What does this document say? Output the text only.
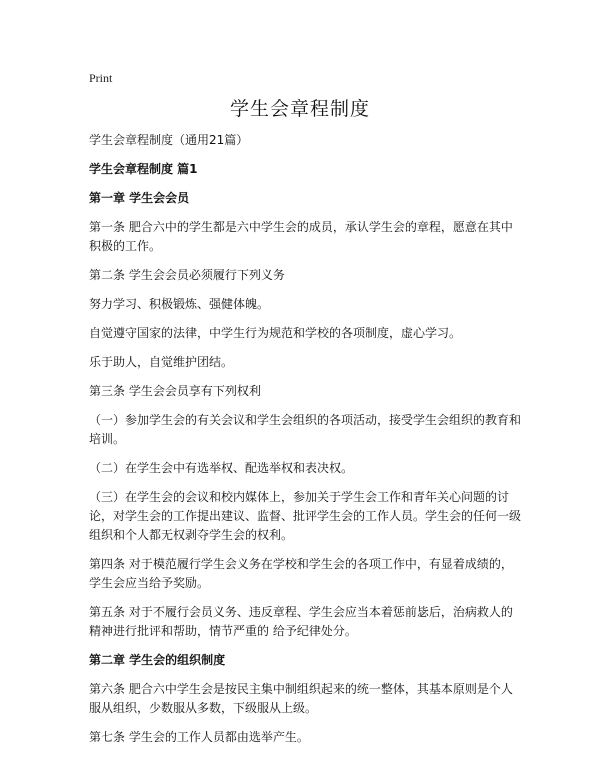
Print
学生会章程制度

学生会章程制度（通用21篇）

学生会章程制度 篇1

第一章 学生会会员

第一条 肥合六中的学生都是六中学生会的成员，承认学生会的章程，愿意在其中积极的工作。

第二条 学生会会员必须履行下列义务

努力学习、积极锻炼、强健体魄。

自觉遵守国家的法律，中学生行为规范和学校的各项制度，虚心学习。

乐于助人，自觉维护团结。

第三条 学生会会员享有下列权利

（一）参加学生会的有关会议和学生会组织的各项活动，接受学生会组织的教育和培训。

（二）在学生会中有选举权、配选举权和表决权。

（三）在学生会的会议和校内媒体上，参加关于学生会工作和青年关心问题的讨论，对学生会的工作提出建议、监督、批评学生会的工作人员。学生会的任何一级组织和个人都无权剥夺学生会的权利。

第四条 对于模范履行学生会义务在学校和学生会的各项工作中，有显着成绩的，学生会应当给予奖励。

第五条 对于不履行会员义务、违反章程、学生会应当本着惩前毖后，治病救人的精神进行批评和帮助，情节严重的 给予纪律处分。

第二章 学生会的组织制度

第六条 肥合六中学生会是按民主集中制组织起来的统一整体，其基本原则是个人服从组织，少数服从多数，下级服从上级。

第七条 学生会的工作人员都由选举产生。
